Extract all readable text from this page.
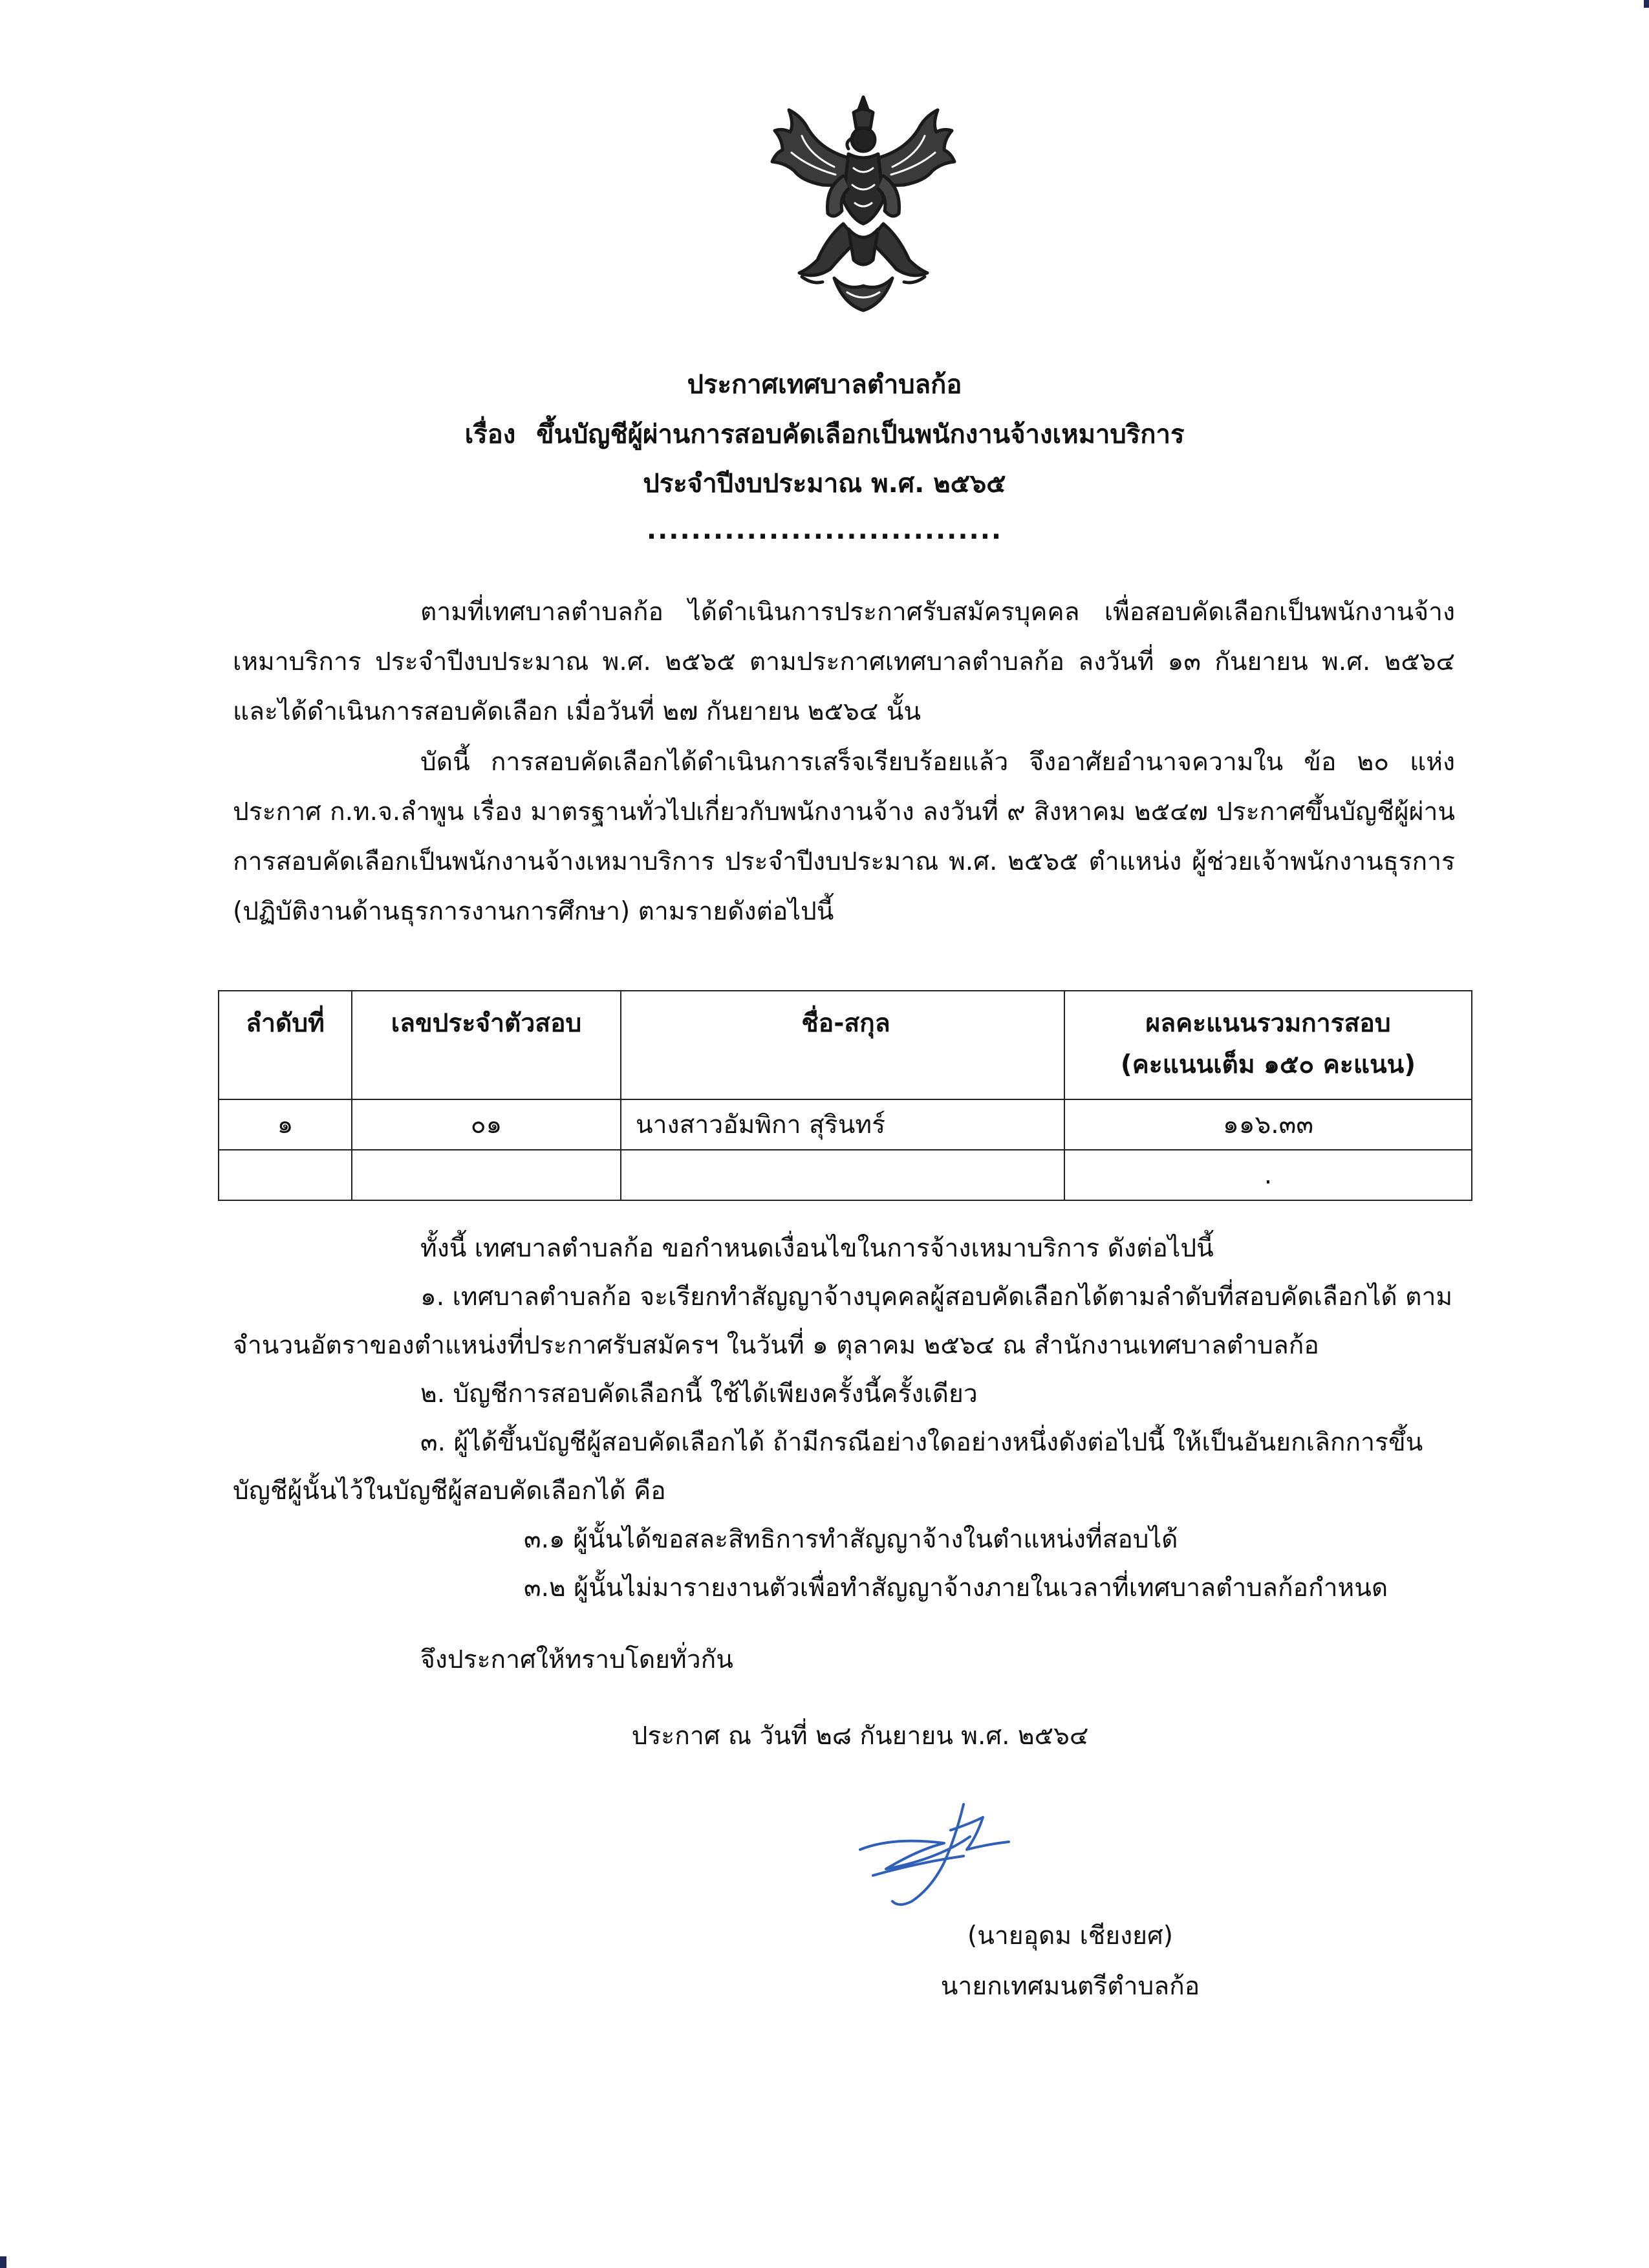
ประกาศเทศบาลตำบลก้อ
เรื่อง ขึ้นบัญชีผู้ผ่านการสอบคัดเลือกเป็นพนักงานจ้างเหมาบริการ
ประจำปีงบประมาณ พ.ศ. ๒๕๖๕
................................

ตามที่เทศบาลตำบลก้อ ได้ดำเนินการประกาศรับสมัครบุคคล เพื่อสอบคัดเลือกเป็นพนักงานจ้างเหมาบริการ ประจำปีงบประมาณ พ.ศ. ๒๕๖๕ ตามประกาศเทศบาลตำบลก้อ ลงวันที่ ๑๓ กันยายน พ.ศ. ๒๕๖๔ และได้ดำเนินการสอบคัดเลือก เมื่อวันที่ ๒๗ กันยายน ๒๕๖๔ นั้น

บัดนี้ การสอบคัดเลือกได้ดำเนินการเสร็จเรียบร้อยแล้ว จึงอาศัยอำนาจความใน ข้อ ๒๐ แห่ง ประกาศ ก.ท.จ.ลำพูน เรื่อง มาตรฐานทั่วไปเกี่ยวกับพนักงานจ้าง ลงวันที่ ๙ สิงหาคม ๒๕๔๗ ประกาศขึ้นบัญชีผู้ผ่านการสอบคัดเลือกเป็นพนักงานจ้างเหมาบริการ ประจำปีงบประมาณ พ.ศ. ๒๕๖๕ ตำแหน่ง ผู้ช่วยเจ้าพนักงานธุรการ (ปฏิบัติงานด้านธุรการงานการศึกษา) ตามรายดังต่อไปนี้

ลำดับที่	เลขประจำตัวสอบ	ชื่อ-สกุล	ผลคะแนนรวมการสอบ
(คะแนนเต็ม ๑๕๐ คะแนน)

๑	๐๑	นางสาวอัมพิกา สุรินทร์	๑๑๖.๓๓
			.

ทั้งนี้ เทศบาลตำบลก้อ ขอกำหนดเงื่อนไขในการจ้างเหมาบริการ ดังต่อไปนี้

๑. เทศบาลตำบลก้อ จะเรียกทำสัญญาจ้างบุคคลผู้สอบคัดเลือกได้ตามลำดับที่สอบคัดเลือกได้ ตามจำนวนอัตราของตำแหน่งที่ประกาศรับสมัครฯ ในวันที่ ๑ ตุลาคม ๒๕๖๔ ณ สำนักงานเทศบาลตำบลก้อ

๒. บัญชีการสอบคัดเลือกนี้ ใช้ได้เพียงครั้งนี้ครั้งเดียว

๓. ผู้ได้ขึ้นบัญชีผู้สอบคัดเลือกได้ ถ้ามีกรณีอย่างใดอย่างหนึ่งดังต่อไปนี้ ให้เป็นอันยกเลิกการขึ้นบัญชีผู้นั้นไว้ในบัญชีผู้สอบคัดเลือกได้ คือ

๓.๑ ผู้นั้นได้ขอสละสิทธิการทำสัญญาจ้างในตำแหน่งที่สอบได้

๓.๒ ผู้นั้นไม่มารายงานตัวเพื่อทำสัญญาจ้างภายในเวลาที่เทศบาลตำบลก้อกำหนด

จึงประกาศให้ทราบโดยทั่วกัน
ประกาศ ณ วันที่ ๒๘ กันยายน พ.ศ. ๒๕๖๔
(นายอุดม เชียงยศ)
นายกเทศมนตรีตำบลก้อ
